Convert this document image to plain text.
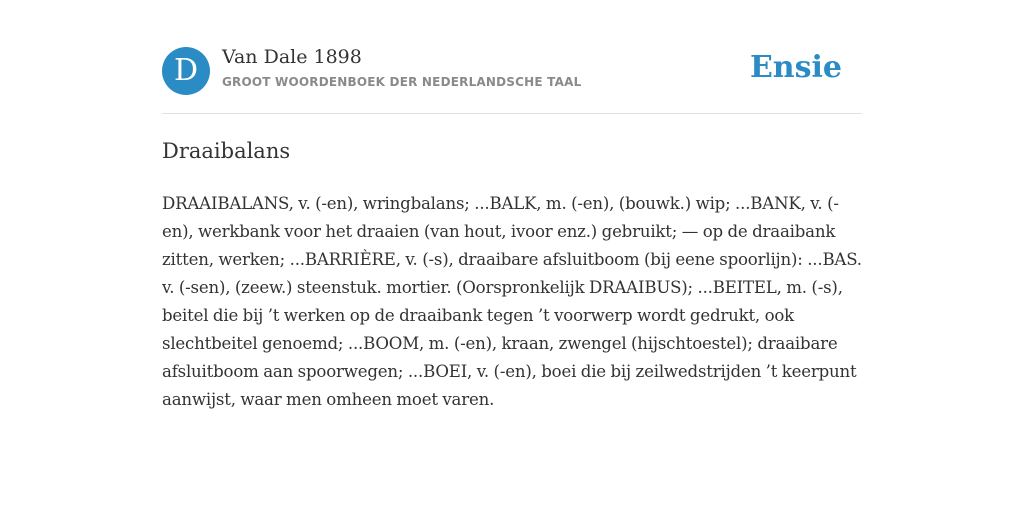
D	Van Dale 1898
GROOT WOORDENBOEK DER NEDERLANDSCHE TAAL	Ensie
Draaibalans
DRAAIBALANS, v. (-en), wringbalans; ...BALK, m. (-en), (bouwk.) wip; ...BANK, v. (-en), werkbank voor het draaien (van hout, ivoor enz.) gebruikt; — op de draaibank zitten, werken; ...BARRIÈRE, v. (-s), draaibare afsluitboom (bij eene spoorlijn): ...BAS. v. (-sen), (zeew.) steenstuk. mortier. (Oorspronkelijk DRAAIBUS); ...BEITEL, m. (-s), beitel die bij ’t werken op de draaibank tegen ’t voorwerp wordt gedrukt, ook slechtbeitel genoemd; ...BOOM, m. (-en), kraan, zwengel (hijschtoestel); draaibare afsluitboom aan spoorwegen; ...BOEI, v. (-en), boei die bij zeilwedstrijden ’t keerpunt aanwijst, waar men omheen moet varen.
